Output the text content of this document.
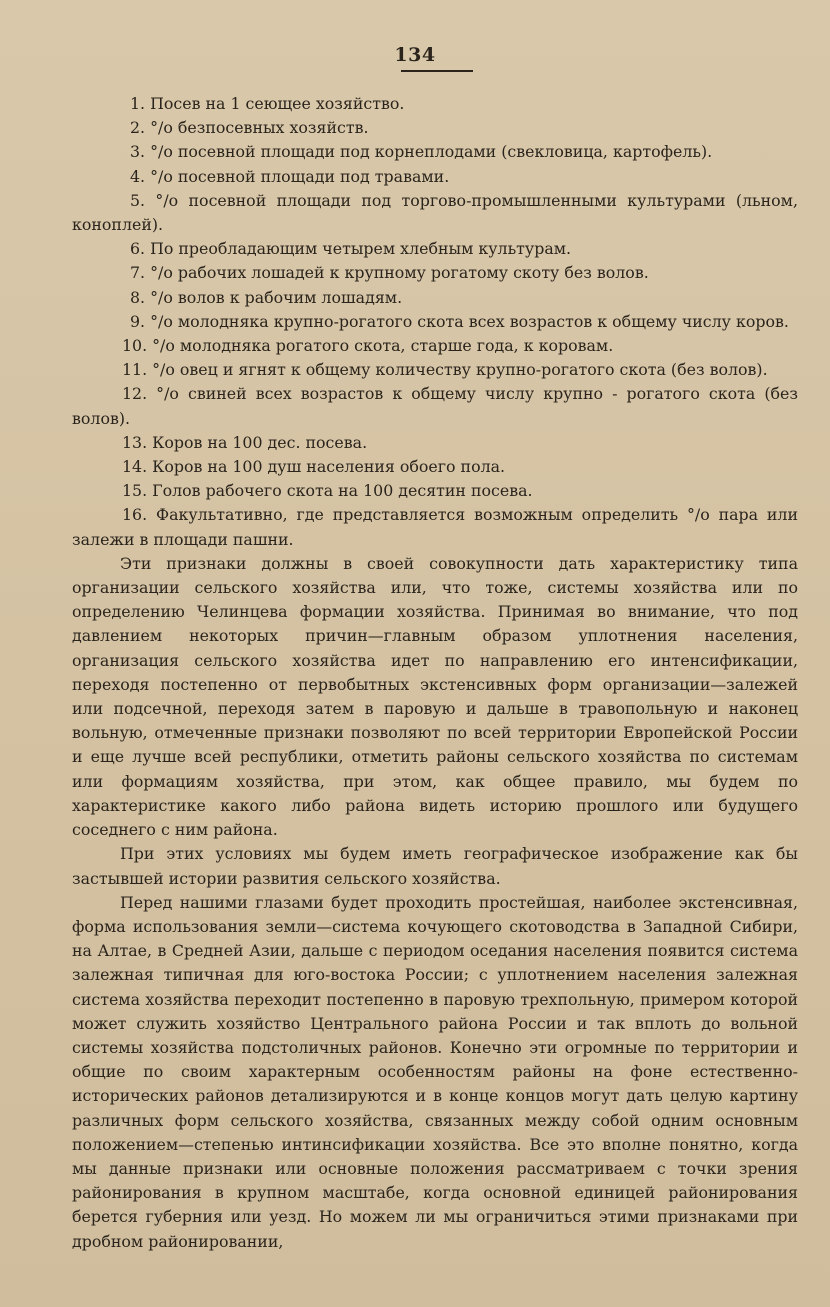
134

1. Посев на 1 сеющее хозяйство.

2. °/о безпосевных хозяйств.

3. °/о посевной площади под корнеплодами (свекловица, картофель).

4. °/о посевной площади под травами.

5. °/о посевной площади под торгово-промышленными культурами (льном, коноплей).

6. По преобладающим четырем хлебным культурам.

7. °/о рабочих лошадей к крупному рогатому скоту без волов.

8. °/о волов к рабочим лошадям.

9. °/о молодняка крупно-рогатого скота всех возрастов к общему числу коров.

10. °/о молодняка рогатого скота, старше года, к коровам.

11. °/о овец и ягнят к общему количеству крупно-рогатого скота (без волов).

12. °/о свиней всех возрастов к общему числу крупно - рогатого скота (без волов).

13. Коров на 100 дес. посева.

14. Коров на 100 душ населения обоего пола.

15. Голов рабочего скота на 100 десятин посева.

16. Факультативно, где представляется возможным определить °/о пара или залежи в площади пашни.

Эти признаки должны в своей совокупности дать характеристику типа организации сельского хозяйства или, что тоже, системы хозяйства или по определению Челинцева формации хозяйства. Принимая во внимание, что под давлением некоторых причин—главным образом уплотнения населения, организация сельского хозяйства идет по направлению его интенсификации, переходя постепенно от первобытных экстенсивных форм организации—залежей или подсечной, переходя затем в паровую и дальше в травопольную и наконец вольную, отмеченные признаки позволяют по всей территории Европейской России и еще лучше всей республики, отметить районы сельского хозяйства по системам или формациям хозяйства, при этом, как общее правило, мы будем по характеристике какого либо района видеть историю прошлого или будущего соседнего с ним района.

При этих условиях мы будем иметь географическое изображение как бы застывшей истории развития сельского хозяйства.

Перед нашими глазами будет проходить простейшая, наиболее экстенсивная, форма использования земли—система кочующего скотоводства в Западной Сибири, на Алтае, в Средней Азии, дальше с периодом оседания населения появится система залежная типичная для юго-востока России; с уплотнением населения залежная система хозяйства переходит постепенно в паровую трехпольную, примером которой может служить хозяйство Центрального района России и так вплоть до вольной системы хозяйства подстоличных районов. Конечно эти огромные по территории и общие по своим характерным особенностям районы на фоне естественно-исторических районов детализируются и в конце концов могут дать целую картину различных форм сельского хозяйства, связанных между собой одним основным положением—степенью интинсификации хозяйства. Все это вполне понятно, когда мы данные признаки или основные положения рассматриваем с точки зрения районирования в крупном масштабе, когда основной единицей районирования берется губерния или уезд. Но можем ли мы ограничиться этими признаками при дробном районировании,
